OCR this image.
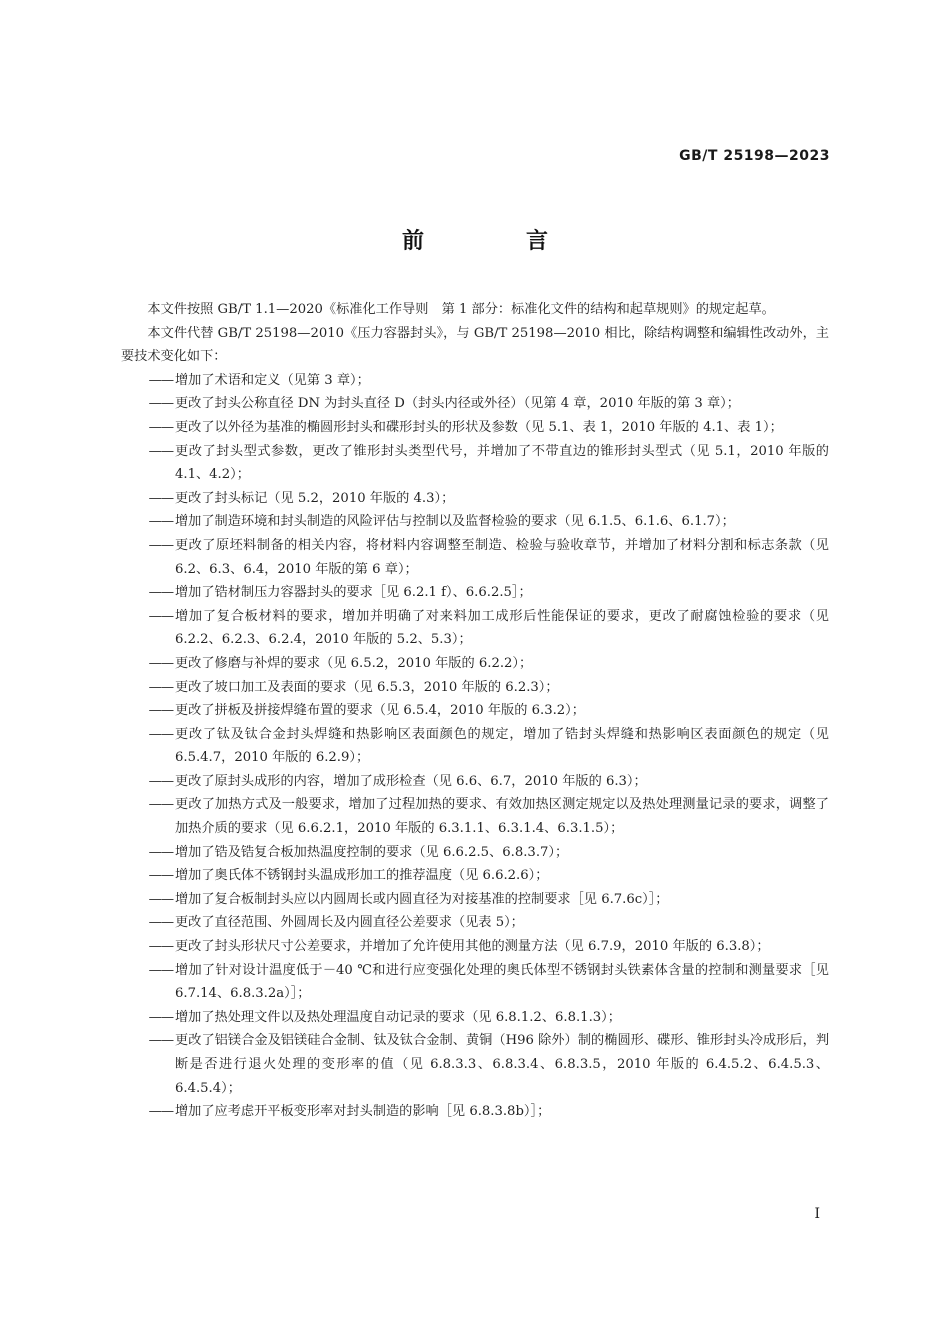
GB/T 25198—2023
前　言

本文件按照 GB/T 1.1—2020《标准化工作导则　第 1 部分：标准化文件的结构和起草规则》的规定起草。

本文件代替 GB/T 25198—2010《压力容器封头》，与 GB/T 25198—2010 相比，除结构调整和编辑性改动外，主要技术变化如下：

—— 增加了术语和定义（见第 3 章）；
—— 更改了封头公称直径 DN 为封头直径 D（封头内径或外径）（见第 4 章，2010 年版的第 3 章）；
—— 更改了以外径为基准的椭圆形封头和碟形封头的形状及参数（见 5.1、表 1，2010 年版的 4.1、表 1）；
—— 更改了封头型式参数，更改了锥形封头类型代号，并增加了不带直边的锥形封头型式（见 5.1，2010 年版的 4.1、4.2）；
—— 更改了封头标记（见 5.2，2010 年版的 4.3）；
—— 增加了制造环境和封头制造的风险评估与控制以及监督检验的要求（见 6.1.5、6.1.6、6.1.7）；
—— 更改了原坯料制备的相关内容，将材料内容调整至制造、检验与验收章节，并增加了材料分割和标志条款（见 6.2、6.3、6.4，2010 年版的第 6 章）；
—— 增加了锆材制压力容器封头的要求［见 6.2.1 f）、6.6.2.5］；
—— 增加了复合板材料的要求，增加并明确了对来料加工成形后性能保证的要求，更改了耐腐蚀检验的要求（见 6.2.2、6.2.3、6.2.4，2010 年版的 5.2、5.3）；
—— 更改了修磨与补焊的要求（见 6.5.2，2010 年版的 6.2.2）；
—— 更改了坡口加工及表面的要求（见 6.5.3，2010 年版的 6.2.3）；
—— 更改了拼板及拼接焊缝布置的要求（见 6.5.4，2010 年版的 6.3.2）；
—— 更改了钛及钛合金封头焊缝和热影响区表面颜色的规定，增加了锆封头焊缝和热影响区表面颜色的规定（见 6.5.4.7，2010 年版的 6.2.9）；
—— 更改了原封头成形的内容，增加了成形检查（见 6.6、6.7，2010 年版的 6.3）；
—— 更改了加热方式及一般要求，增加了过程加热的要求、有效加热区测定规定以及热处理测量记录的要求，调整了加热介质的要求（见 6.6.2.1，2010 年版的 6.3.1.1、6.3.1.4、6.3.1.5）；
—— 增加了锆及锆复合板加热温度控制的要求（见 6.6.2.5、6.8.3.7）；
—— 增加了奥氏体不锈钢封头温成形加工的推荐温度（见 6.6.2.6）；
—— 增加了复合板制封头应以内圆周长或内圆直径为对接基准的控制要求［见 6.7.6c）］；
—— 更改了直径范围、外圆周长及内圆直径公差要求（见表 5）；
—— 更改了封头形状尺寸公差要求，并增加了允许使用其他的测量方法（见 6.7.9，2010 年版的 6.3.8）；
—— 增加了针对设计温度低于－40 ℃和进行应变强化处理的奥氏体型不锈钢封头铁素体含量的控制和测量要求［见 6.7.14、6.8.3.2a）］；
—— 增加了热处理文件以及热处理温度自动记录的要求（见 6.8.1.2、6.8.1.3）；
—— 更改了铝镁合金及铝镁硅合金制、钛及钛合金制、黄铜（H96 除外）制的椭圆形、碟形、锥形封头冷成形后，判断是否进行退火处理的变形率的值（见 6.8.3.3、6.8.3.4、6.8.3.5，2010 年版的 6.4.5.2、6.4.5.3、6.4.5.4）；
—— 增加了应考虑开平板变形率对封头制造的影响［见 6.8.3.8b）］；
I
